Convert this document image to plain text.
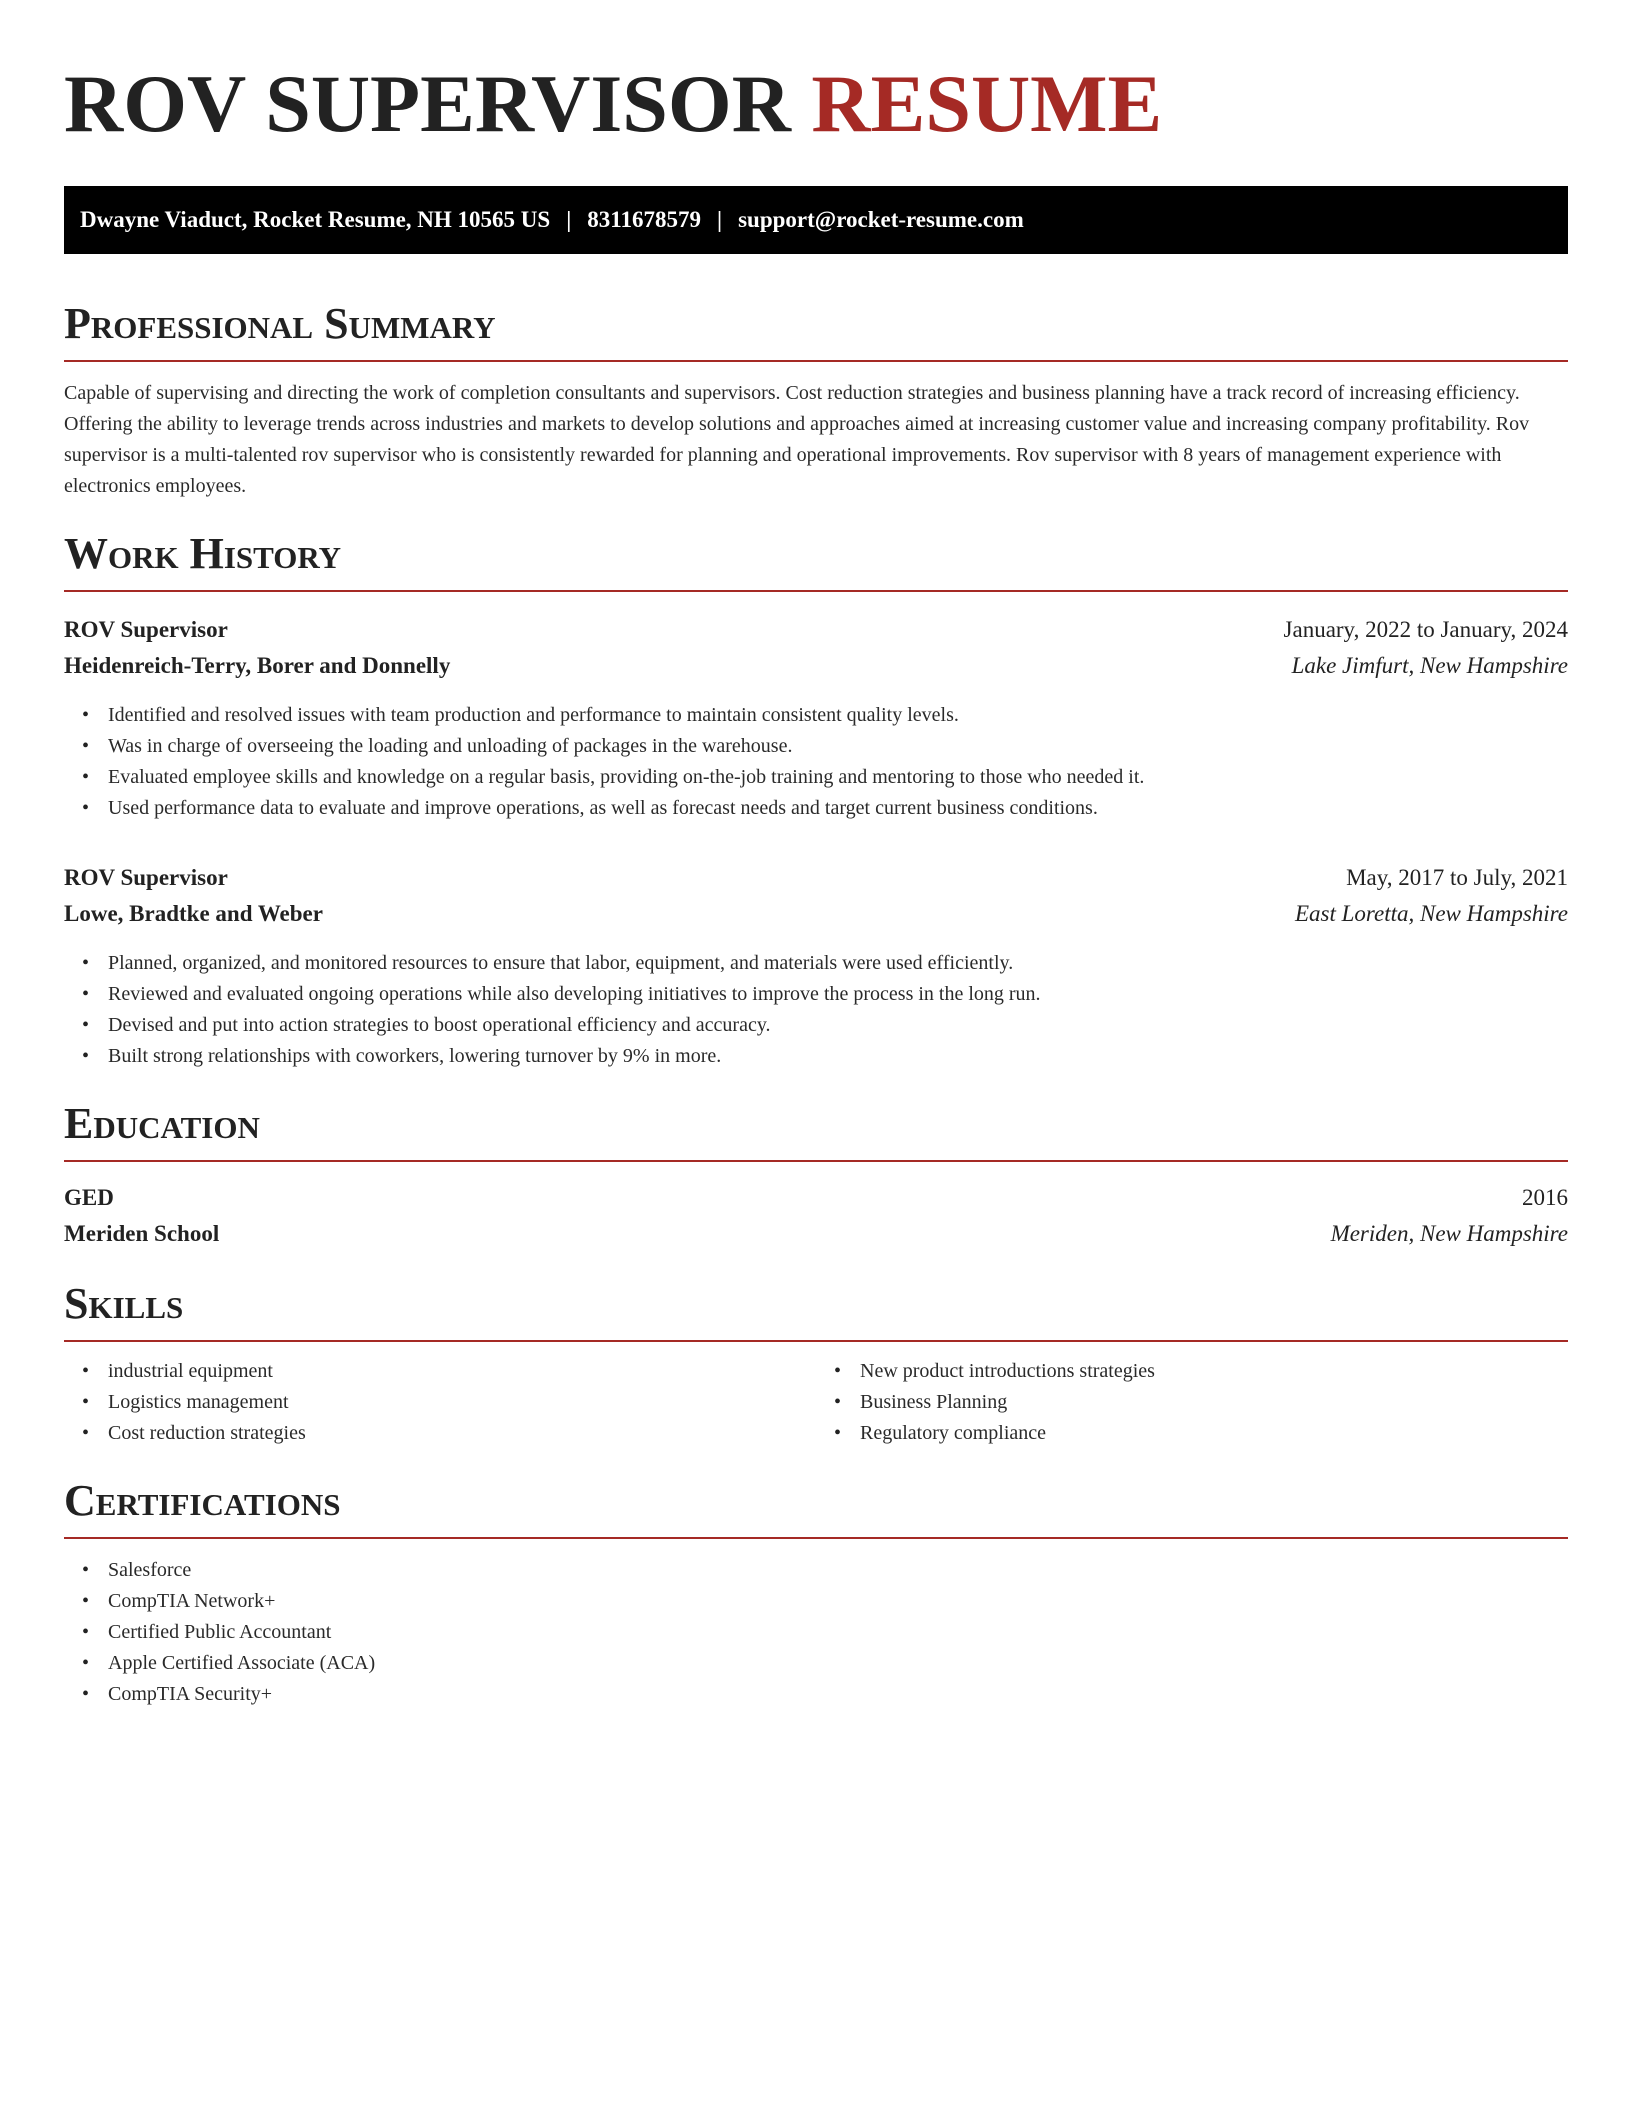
ROV SUPERVISOR RESUME
Dwayne Viaduct, Rocket Resume, NH 10565 US | 8311678579 | support@rocket-resume.com
Professional Summary

Capable of supervising and directing the work of completion consultants and supervisors. Cost reduction strategies and business planning have a track record of increasing efficiency. Offering the ability to leverage trends across industries and markets to develop solutions and approaches aimed at increasing customer value and increasing company profitability. Rov supervisor is a multi-talented rov supervisor who is consistently rewarded for planning and operational improvements. Rov supervisor with 8 years of management experience with electronics employees.

Work History
ROV Supervisor	January, 2022 to January, 2024
Heidenreich-Terry, Borer and Donnelly	Lake Jimfurt, New Hampshire
• Identified and resolved issues with team production and performance to maintain consistent quality levels.
• Was in charge of overseeing the loading and unloading of packages in the warehouse.
• Evaluated employee skills and knowledge on a regular basis, providing on-the-job training and mentoring to those who needed it.
• Used performance data to evaluate and improve operations, as well as forecast needs and target current business conditions.
ROV Supervisor	May, 2017 to July, 2021
Lowe, Bradtke and Weber	East Loretta, New Hampshire
• Planned, organized, and monitored resources to ensure that labor, equipment, and materials were used efficiently.
• Reviewed and evaluated ongoing operations while also developing initiatives to improve the process in the long run.
• Devised and put into action strategies to boost operational efficiency and accuracy.
• Built strong relationships with coworkers, lowering turnover by 9% in more.
Education
GED	2016
Meriden School	Meriden, New Hampshire
Skills
• industrial equipment
• Logistics management
• Cost reduction strategies
• New product introductions strategies
• Business Planning
• Regulatory compliance
Certifications
• Salesforce
• CompTIA Network+
• Certified Public Accountant
• Apple Certified Associate (ACA)
• CompTIA Security+
